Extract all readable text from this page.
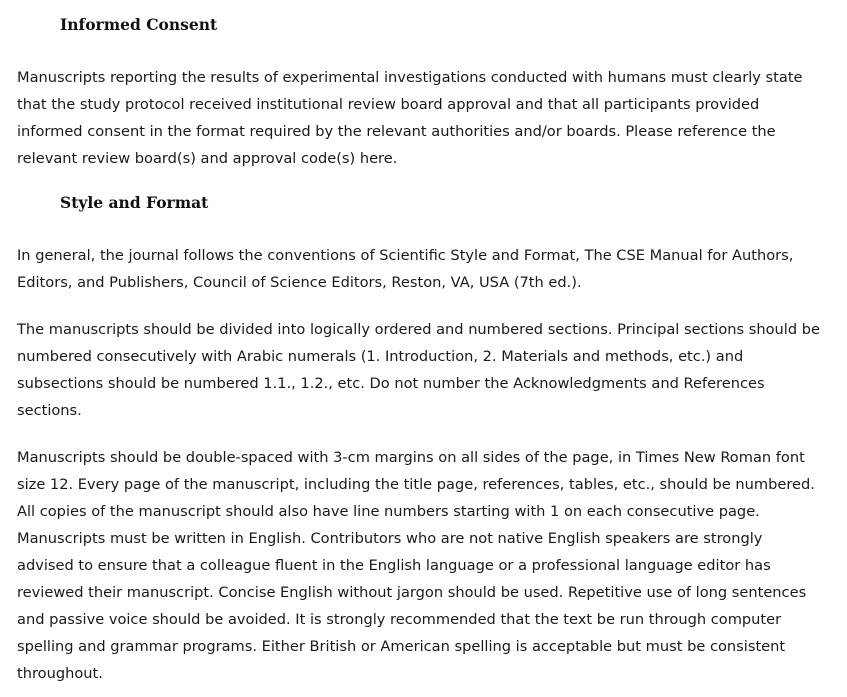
Informed Consent

Manuscripts reporting the results of experimental investigations conducted with humans must clearly state
that the study protocol received institutional review board approval and that all participants provided
informed consent in the format required by the relevant authorities and/or boards. Please reference the
relevant review board(s) and approval code(s) here.

Style and Format

In general, the journal follows the conventions of Scientific Style and Format, The CSE Manual for Authors,
Editors, and Publishers, Council of Science Editors, Reston, VA, USA (7th ed.).

The manuscripts should be divided into logically ordered and numbered sections. Principal sections should be
numbered consecutively with Arabic numerals (1. Introduction, 2. Materials and methods, etc.) and
subsections should be numbered 1.1., 1.2., etc. Do not number the Acknowledgments and References
sections.

Manuscripts should be double-spaced with 3-cm margins on all sides of the page, in Times New Roman font
size 12. Every page of the manuscript, including the title page, references, tables, etc., should be numbered.
All copies of the manuscript should also have line numbers starting with 1 on each consecutive page.
Manuscripts must be written in English. Contributors who are not native English speakers are strongly
advised to ensure that a colleague fluent in the English language or a professional language editor has
reviewed their manuscript. Concise English without jargon should be used. Repetitive use of long sentences
and passive voice should be avoided. It is strongly recommended that the text be run through computer
spelling and grammar programs. Either British or American spelling is acceptable but must be consistent
throughout.
